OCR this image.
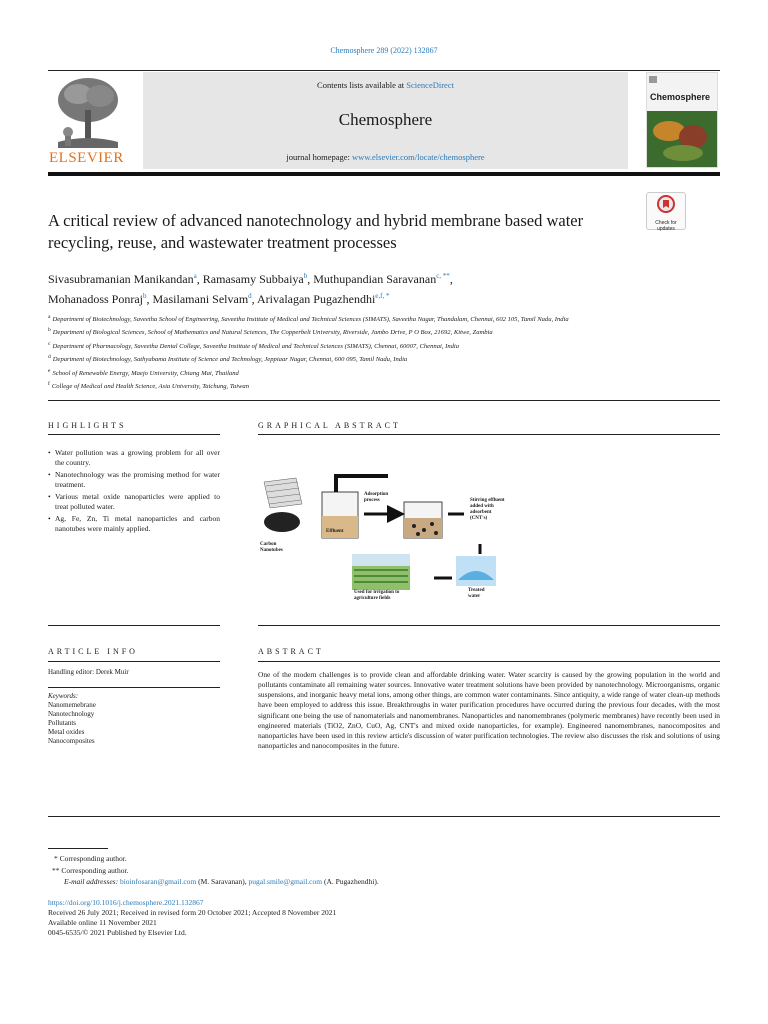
Chemosphere 289 (2022) 132867
ELSEVIER
Contents lists available at ScienceDirect
Chemosphere
journal homepage: www.elsevier.com/locate/chemosphere
Chemosphere
A critical review of advanced nanotechnology and hybrid membrane based water recycling, reuse, and wastewater treatment processes
Check for updates
Sivasubramanian Manikandan$^a$, Ramasamy Subbaiya$^b$, Muthupandian Saravanan$^{c, **}$,
Mohanadoss Ponraj$^b$, Masilamani Selvam$^d$, Arivalagan Pugazhendhi$^{e,f, *}$
$^a$ Department of Biotechnology, Saveetha School of Engineering, Saveetha Institute of Medical and Technical Sciences (SIMATS), Saveetha Nagar, Thandalam, Chennai, 602 105, Tamil Nadu, India
$^b$ Department of Biological Sciences, School of Mathematics and Natural Sciences, The Copperbelt University, Riverside, Jambo Drive, P O Box, 21692, Kitwe, Zambia
$^c$ Department of Pharmacology, Saveetha Dental College, Saveetha Institute of Medical and Technical Sciences (SIMATS), Chennai, 60007, Chennai, India
$^d$ Department of Biotechnology, Sathyabama Institute of Science and Technology, Jeppiaar Nagar, Chennai, 600 095, Tamil Nadu, India
$^e$ School of Renewable Energy, Maejo University, Chiang Mai, Thailand
$^f$ College of Medical and Health Science, Asia University, Taichung, Taiwan
HIGHLIGHTS
• Water pollution was a growing problem for all over the country.
• Nanotechnology was the promising method for water treatment.
• Various metal oxide nanoparticles were applied to treat polluted water.
• Ag, Fe, Zn, Ti metal nanoparticles and carbon nanotubes were mainly applied.
GRAPHICAL ABSTRACT
Carbon Nanotubes
Effluent
Adsorption process	Stirring effluent added with adsorbent (CNT's)
Used for irrigation to agriculture fields
Treated water
ARTICLE INFO
Handling editor: Derek Muir
Keywords:
Nanomemebrane
Nanotechnology
Pollutants
Metal oxides
Nanocomposites
ABSTRACT
One of the modern challenges is to provide clean and affordable drinking water. Water scarcity is caused by the growing population in the world and pollutants contaminate all remaining water sources. Innovative water treatment solutions have been provided by nanotechnology. Microorganisms, organic suspensions, and inorganic heavy metal ions, among other things, are common water contaminants. Since antiquity, a wide range of water clean-up methods have been employed to address this issue. Breakthroughs in water purification procedures have occurred during the previous four decades, with the most significant one being the use of nanomaterials and nanomembranes. Nanoparticles and nanomembranes (polymeric membranes) have recently been used in engineered materials (TiO2, ZnO, CuO, Ag, CNT's and mixed oxide nanoparticles, for example). Engineered nanomembranes, nanocomposites and nanoparticles have been used in this review article's discussion of water purification technologies. The review also discusses the risk and solutions of using nanoparticles and nanocomposites in the future.
* Corresponding author.
** Corresponding author.
E-mail addresses: bioinfosaran@gmail.com (M. Saravanan), pugal.smile@gmail.com (A. Pugazhendhi).
https://doi.org/10.1016/j.chemosphere.2021.132867
Received 26 July 2021; Received in revised form 20 October 2021; Accepted 8 November 2021
Available online 11 November 2021
0045-6535/© 2021 Published by Elsevier Ltd.
